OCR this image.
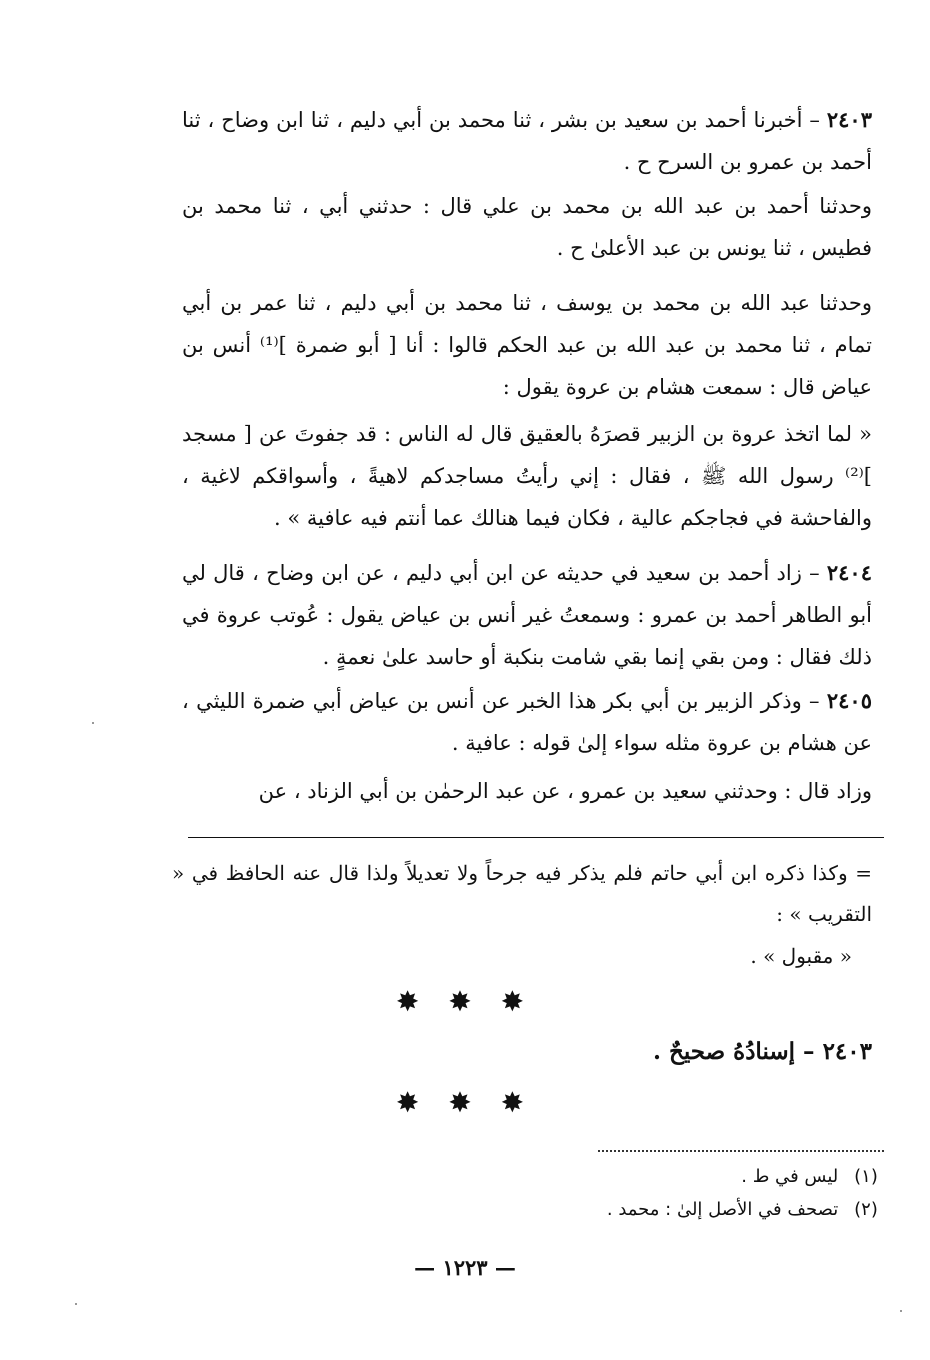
٢٤٠٣ – أخبرنا أحمد بن سعيد بن بشر ، ثنا محمد بن أبي دليم ، ثنا ابن وضاح ، ثنا أحمد بن عمرو بن السرح ح .
وحدثنا أحمد بن عبد الله بن محمد بن علي قال : حدثني أبي ، ثنا محمد بن فطيس ، ثنا يونس بن عبد الأعلىٰ ح .
وحدثنا عبد الله بن محمد بن يوسف ، ثنا محمد بن أبي دليم ، ثنا عمر بن أبي تمام ، ثنا محمد بن عبد الله بن عبد الحكم قالوا : أنا [ أبو ضمرة ]⁽¹⁾ أنس بن عياض قال : سمعت هشام بن عروة يقول :
« لما اتخذ عروة بن الزبير قصرَهُ بالعقيق قال له الناس : قد جفوتَ عن [ مسجد ]⁽²⁾ رسول الله ﷺ ، فقال : إني رأيتُ مساجدكم لاهيةً ، وأسواقكم لاغية ، والفاحشة في فجاجكم عالية ، فكان فيما هنالك عما أنتم فيه عافية » .
٢٤٠٤ – زاد أحمد بن سعيد في حديثه عن ابن أبي دليم ، عن ابن وضاح ، قال لي أبو الطاهر أحمد بن عمرو : وسمعتُ غير أنس بن عياض يقول : عُوتب عروة في ذلك فقال : ومن بقي إنما بقي شامت بنكبة أو حاسد علىٰ نعمةٍ .
٢٤٠٥ – وذكر الزبير بن أبي بكر هذا الخبر عن أنس بن عياض أبي ضمرة الليثي ، عن هشام بن عروة مثله سواء إلىٰ قوله : عافية .
وزاد قال : وحدثني سعيد بن عمرو ، عن عبد الرحمٰن بن أبي الزناد ، عن
= وكذا ذكره ابن أبي حاتم فلم يذكر فيه جرحاً ولا تعديلاً ولذا قال عنه الحافظ في « التقريب » :
« مقبول » .
✸ ✸ ✸
٢٤٠٣ – إسنادُهُ صحيحٌ .
✸ ✸ ✸
(١) ليس في ط .
(٢) تصحف في الأصل إلىٰ : محمد .
— ١٢٢٣ —
